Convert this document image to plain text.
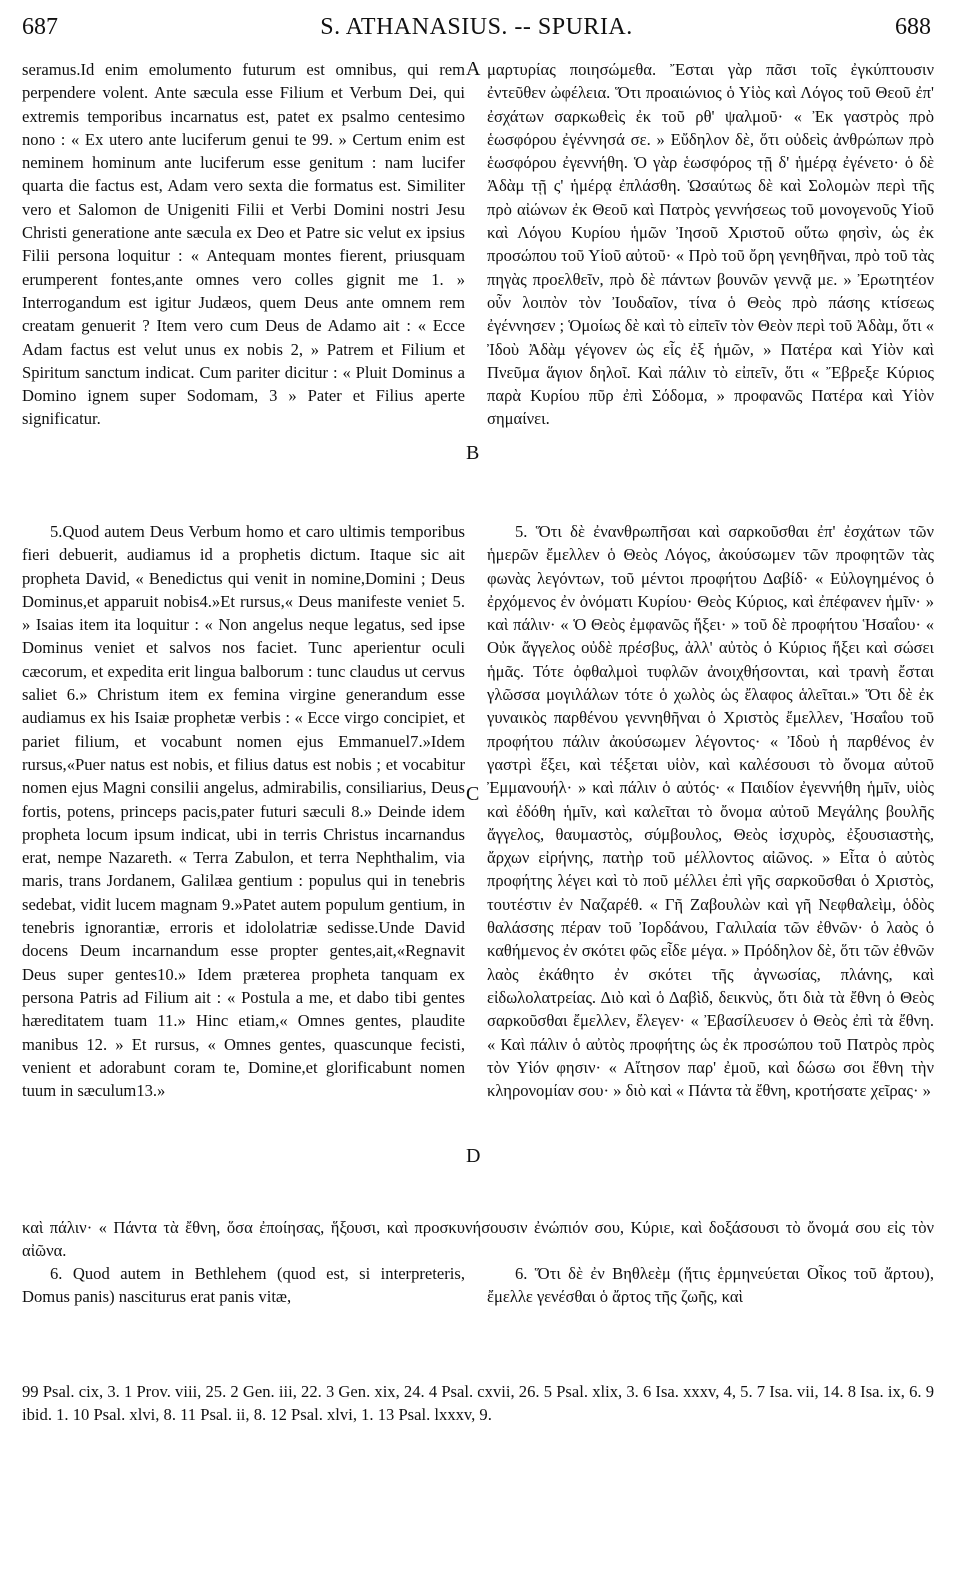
687	S. ATHANASIUS. -- SPURIA.	688
A
B
C
D

seramus.Id enim emolumento futurum est omnibus, qui rem perpendere volent. Ante sæcula esse Filium et Verbum Dei, qui extremis temporibus incarnatus est, patet ex psalmo centesimo nono : « Ex utero ante luciferum genui te 99. » Certum enim est neminem hominum ante luciferum esse genitum : nam lucifer quarta die factus est, Adam vero sexta die formatus est. Similiter vero et Salomon de Unigeniti Filii et Verbi Domini nostri Jesu Christi generatione ante sæcula ex Deo et Patre sic velut ex ipsius Filii persona loquitur : « Antequam montes fierent, priusquam erumperent fontes,ante omnes vero colles gignit me 1. » Interrogandum est igitur Judæos, quem Deus ante omnem rem creatam genuerit ? Item vero cum Deus de Adamo ait : « Ecce Adam factus est velut unus ex nobis 2, » Patrem et Filium et Spiritum sanctum indicat. Cum pariter dicitur : « Pluit Dominus a Domino ignem super Sodomam, 3 » Pater et Filius aperte significatur.

μαρτυρίας ποιησώμεθα. Ἔσται γὰρ πᾶσι τοῖς ἐγκύπτουσιν ἐντεῦθεν ὠφέλεια. Ὅτι προαιώνιος ὁ Υἱὸς καὶ Λόγος τοῦ Θεοῦ ἐπ' ἐσχάτων σαρκωθεὶς ἐκ τοῦ ρθ' ψαλμοῦ· « Ἐκ γαστρὸς πρὸ ἑωσφόρου ἐγέννησά σε. » Εὔδηλον δὲ, ὅτι οὐδεὶς ἀνθρώπων πρὸ ἑωσφόρου ἐγεννήθη. Ὁ γὰρ ἑωσφόρος τῇ δ' ἡμέρᾳ ἐγένετο· ὁ δὲ Ἀδὰμ τῇ ς' ἡμέρᾳ ἐπλάσθη. Ὡσαύτως δὲ καὶ Σολομὼν περὶ τῆς πρὸ αἰώνων ἐκ Θεοῦ καὶ Πατρὸς γεννήσεως τοῦ μονογενοῦς Υἱοῦ καὶ Λόγου Κυρίου ἡμῶν Ἰησοῦ Χριστοῦ οὕτω φησὶν, ὡς ἐκ προσώπου τοῦ Υἱοῦ αὐτοῦ· « Πρὸ τοῦ ὄρη γενηθῆναι, πρὸ τοῦ τὰς πηγὰς προελθεῖν, πρὸ δὲ πάντων βουνῶν γεννᾷ με. » Ἐρωτητέον οὖν λοιπὸν τὸν Ἰουδαῖον, τίνα ὁ Θεὸς πρὸ πάσης κτίσεως ἐγέννησεν ; Ὁμοίως δὲ καὶ τὸ εἰπεῖν τὸν Θεὸν περὶ τοῦ Ἀδὰμ, ὅτι « Ἰδοὺ Ἀδὰμ γέγονεν ὡς εἷς ἐξ ἡμῶν, » Πατέρα καὶ Υἱὸν καὶ Πνεῦμα ἅγιον δηλοῖ. Καὶ πάλιν τὸ εἰπεῖν, ὅτι « Ἔβρεξε Κύριος παρὰ Κυρίου πῦρ ἐπὶ Σόδομα, » προφανῶς Πατέρα καὶ Υἱὸν σημαίνει.

5.Quod autem Deus Verbum homo et caro ultimis temporibus fieri debuerit, audiamus id a prophetis dictum. Itaque sic ait propheta David, « Benedictus qui venit in nomine,Domini ; Deus Dominus,et apparuit nobis4.»Et rursus,« Deus manifeste veniet 5. » Isaias item ita loquitur : « Non angelus neque legatus, sed ipse Dominus veniet et salvos nos faciet. Tunc aperientur oculi cæcorum, et expedita erit lingua balborum : tunc claudus ut cervus saliet 6.» Christum item ex femina virgine generandum esse audiamus ex his Isaiæ prophetæ verbis : « Ecce virgo concipiet, et pariet filium, et vocabunt nomen ejus Emmanuel7.»Idem rursus,«Puer natus est nobis, et filius datus est nobis ; et vocabitur nomen ejus Magni consilii angelus, admirabilis, consiliarius, Deus fortis, potens, princeps pacis,pater futuri sæculi 8.» Deinde idem propheta locum ipsum indicat, ubi in terris Christus incarnandus erat, nempe Nazareth. « Terra Zabulon, et terra Nephthalim, via maris, trans Jordanem, Galilæa gentium : populus qui in tenebris sedebat, vidit lucem magnam 9.»Patet autem populum gentium, in tenebris ignorantiæ, erroris et idololatriæ sedisse.Unde David docens Deum incarnandum esse propter gentes,ait,«Regnavit Deus super gentes10.» Idem præterea propheta tanquam ex persona Patris ad Filium ait : « Postula a me, et dabo tibi gentes hæreditatem tuam 11.» Hinc etiam,« Omnes gentes, plaudite manibus 12. » Et rursus, « Omnes gentes, quascunque fecisti, venient et adorabunt coram te, Domine,et glorificabunt nomen tuum in sæculum13.»

5. Ὅτι δὲ ἐνανθρωπῆσαι καὶ σαρκοῦσθαι ἐπ' ἐσχάτων τῶν ἡμερῶν ἔμελλεν ὁ Θεὸς Λόγος, ἀκούσωμεν τῶν προφητῶν τὰς φωνὰς λεγόντων, τοῦ μέντοι προφήτου Δαβίδ· « Εὐλογημένος ὁ ἐρχόμενος ἐν ὀνόματι Κυρίου· Θεὸς Κύριος, καὶ ἐπέφανεν ἡμῖν· » καὶ πάλιν· « Ὁ Θεὸς ἐμφανῶς ἥξει· » τοῦ δὲ προφήτου Ἡσαΐου· « Οὐκ ἄγγελος οὐδὲ πρέσβυς, ἀλλ' αὐτὸς ὁ Κύριος ἥξει καὶ σώσει ἡμᾶς. Τότε ὀφθαλμοὶ τυφλῶν ἀνοιχθήσονται, καὶ τρανὴ ἔσται γλῶσσα μογιλάλων τότε ὁ χωλὸς ὡς ἔλαφος ἁλεῖται.» Ὅτι δὲ ἐκ γυναικὸς παρθένου γεννηθῆναι ὁ Χριστὸς ἔμελλεν, Ἡσαΐου τοῦ προφήτου πάλιν ἀκούσωμεν λέγοντος· « Ἰδοὺ ἡ παρθένος ἐν γαστρὶ ἕξει, καὶ τέξεται υἱὸν, καὶ καλέσουσι τὸ ὄνομα αὐτοῦ Ἐμμανουήλ· » καὶ πάλιν ὁ αὐτός· « Παιδίον ἐγεννήθη ἡμῖν, υἱὸς καὶ ἐδόθη ἡμῖν, καὶ καλεῖται τὸ ὄνομα αὐτοῦ Μεγάλης βουλῆς ἄγγελος, θαυμαστὸς, σύμβουλος, Θεὸς ἰσχυρὸς, ἐξουσιαστὴς, ἄρχων εἰρήνης, πατὴρ τοῦ μέλλοντος αἰῶνος. » Εἶτα ὁ αὐτὸς προφήτης λέγει καὶ τὸ ποῦ μέλλει ἐπὶ γῆς σαρκοῦσθαι ὁ Χριστὸς, τουτέστιν ἐν Ναζαρέθ. « Γῆ Ζαβουλὼν καὶ γῆ Νεφθαλεὶμ, ὁδὸς θαλάσσης πέραν τοῦ Ἰορδάνου, Γαλιλαία τῶν ἐθνῶν· ὁ λαὸς ὁ καθήμενος ἐν σκότει φῶς εἶδε μέγα. » Πρόδηλον δὲ, ὅτι τῶν ἐθνῶν λαὸς ἐκάθητο ἐν σκότει τῆς ἀγνωσίας, πλάνης, καὶ εἰδωλολατρείας. Διὸ καὶ ὁ Δαβὶδ, δεικνὺς, ὅτι διὰ τὰ ἔθνη ὁ Θεὸς σαρκοῦσθαι ἔμελλεν, ἔλεγεν· « Ἐβασίλευσεν ὁ Θεὸς ἐπὶ τὰ ἔθνη. « Καὶ πάλιν ὁ αὐτὸς προφήτης ὡς ἐκ προσώπου τοῦ Πατρὸς πρὸς τὸν Υἱόν φησιν· « Αἴτησον παρ' ἐμοῦ, καὶ δώσω σοι ἔθνη τὴν κληρονομίαν σου· » διὸ καὶ « Πάντα τὰ ἔθνη, κροτήσατε χεῖρας· »

καὶ πάλιν· « Πάντα τὰ ἔθνη, ὅσα ἐποίησας, ἥξουσι, καὶ προσκυνήσουσιν ἐνώπιόν σου, Κύριε, καὶ δοξάσουσι τὸ ὄνομά σου εἰς τὸν αἰῶνα.

6. Quod autem in Bethlehem (quod est, si interpreteris, Domus panis) nasciturus erat panis vitæ,

6. Ὅτι δὲ ἐν Βηθλεὲμ (ἥτις ἑρμηνεύεται Οἶκος τοῦ ἄρτου), ἔμελλε γενέσθαι ὁ ἄρτος τῆς ζωῆς, καὶ

99 Psal. cix, 3. 1 Prov. viii, 25. 2 Gen. iii, 22. 3 Gen. xix, 24. 4 Psal. cxvii, 26. 5 Psal. xlix, 3. 6 Isa. xxxv, 4, 5. 7 Isa. vii, 14. 8 Isa. ix, 6. 9 ibid. 1. 10 Psal. xlvi, 8. 11 Psal. ii, 8. 12 Psal. xlvi, 1. 13 Psal. lxxxv, 9.
